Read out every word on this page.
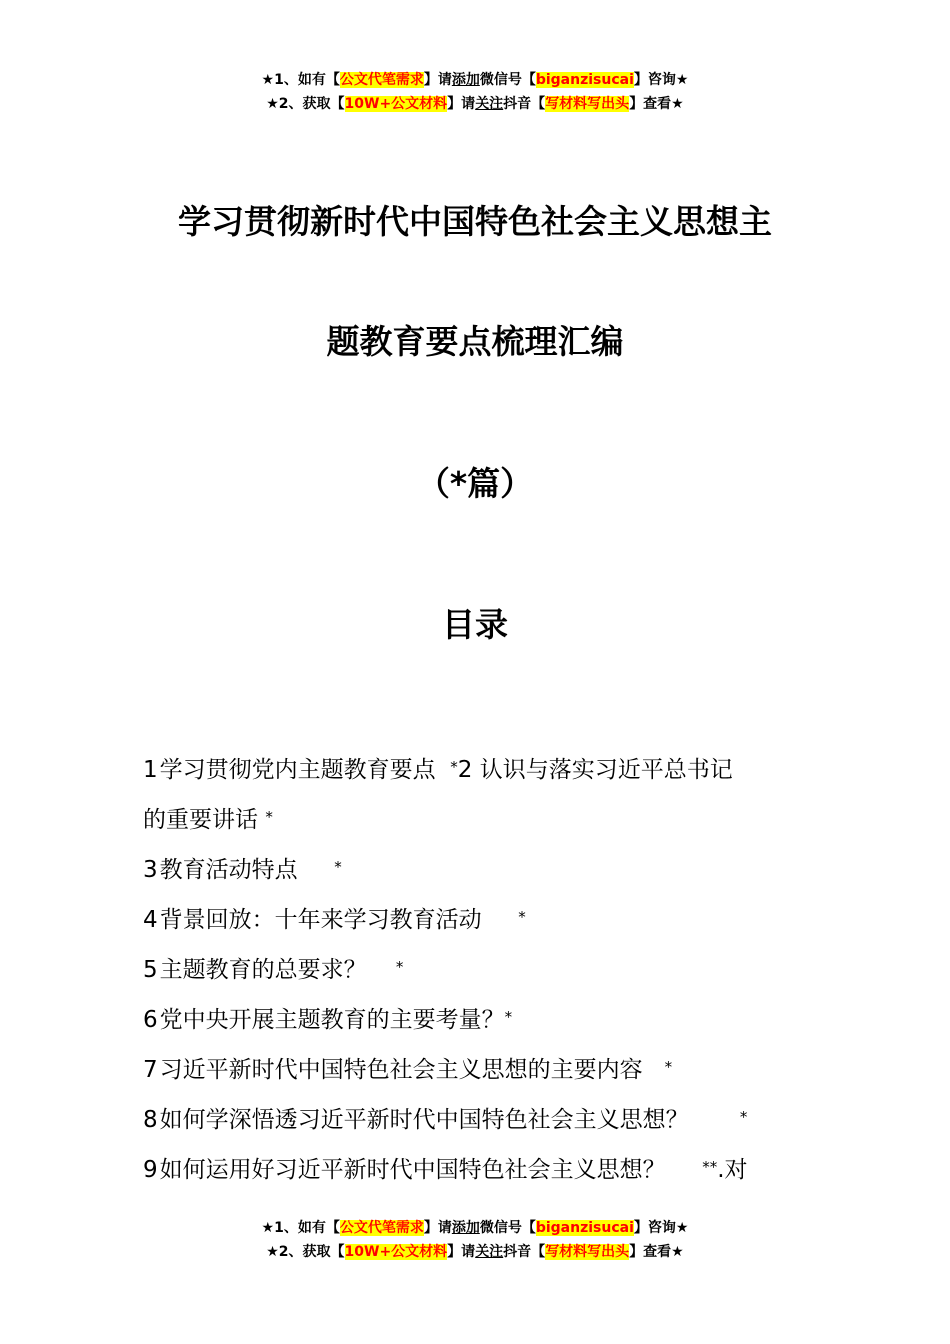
★1、如有【公文代笔需求】请添加微信号【biganzisucai】咨询★
★2、获取【10W+公文材料】请关注抖音【写材料写出头】查看★
学习贯彻新时代中国特色社会主义思想主
题教育要点梳理汇编
（*篇）
目录
1学习贯彻党内主题教育要点 *2 认识与落实习近平总书记
的重要讲话 *
3教育活动特点 *
4背景回放：十年来学习教育活动 *
5主题教育的总要求？ *
6党中央开展主题教育的主要考量？*
7习近平新时代中国特色社会主义思想的主要内容 *
8如何学深悟透习近平新时代中国特色社会主义思想？	*
9如何运用好习近平新时代中国特色社会主义思想？ **.对
★1、如有【公文代笔需求】请添加微信号【biganzisucai】咨询★
★2、获取【10W+公文材料】请关注抖音【写材料写出头】查看★
